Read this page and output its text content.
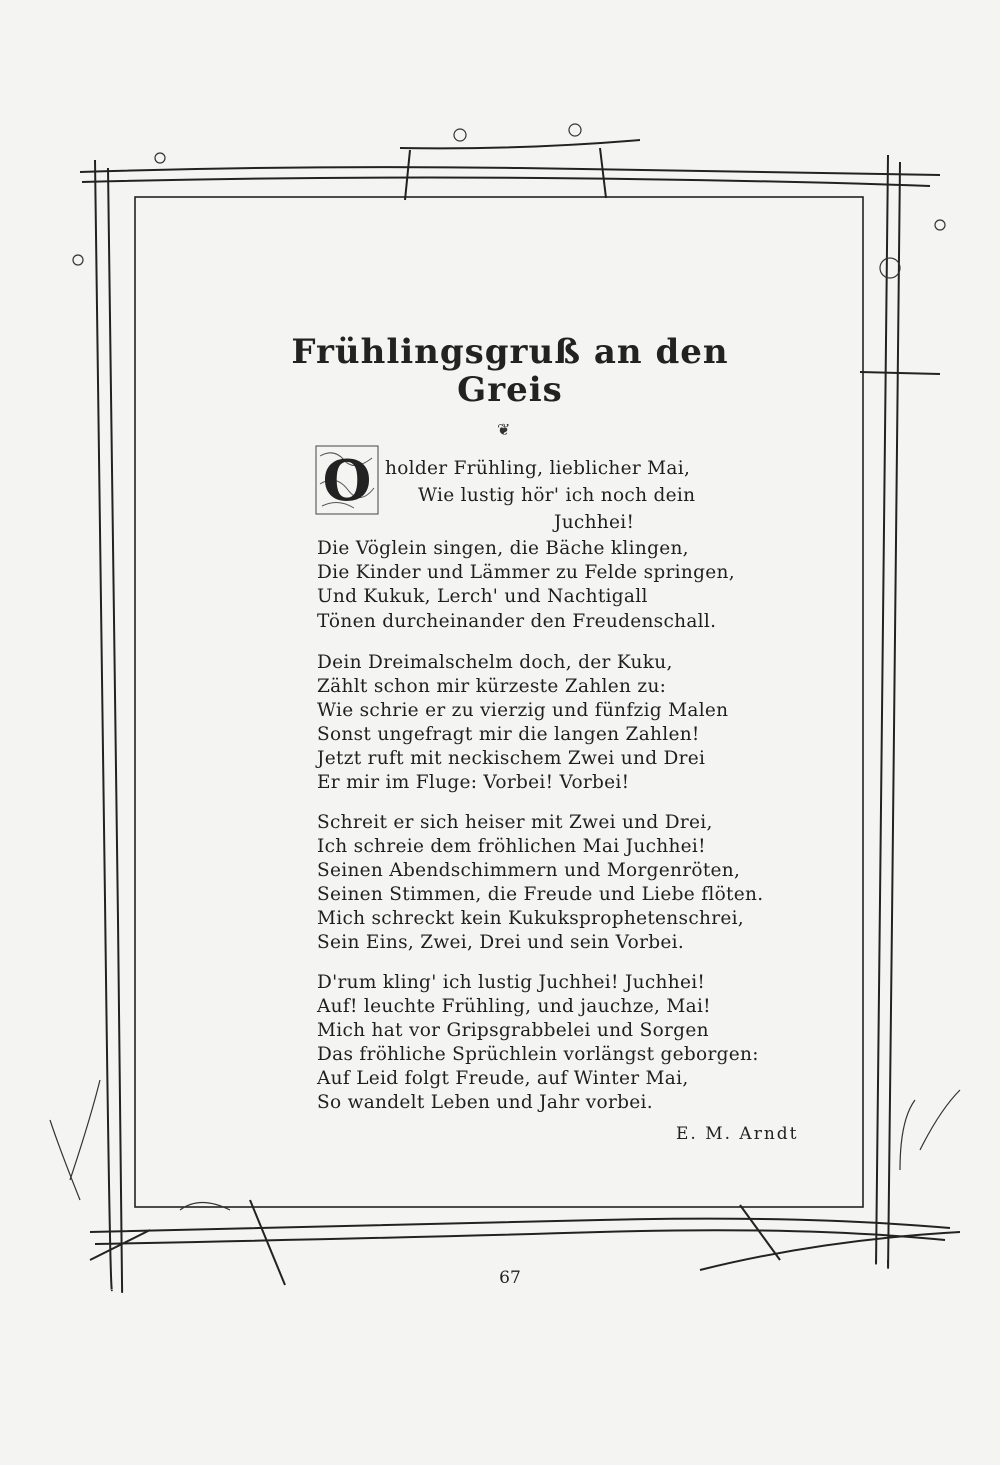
Frühlingsgruß an den
Greis
❦
O holder Frühling, lieblicher Mai,
Wie lustig hör' ich noch dein
Juchhei!
Die Vöglein singen, die Bäche klingen,
Die Kinder und Lämmer zu Felde springen,
Und Kukuk, Lerch' und Nachtigall
Tönen durcheinander den Freudenschall.
Dein Dreimalschelm doch, der Kuku,
Zählt schon mir kürzeste Zahlen zu:
Wie schrie er zu vierzig und fünfzig Malen
Sonst ungefragt mir die langen Zahlen!
Jetzt ruft mit neckischem Zwei und Drei
Er mir im Fluge: Vorbei! Vorbei!
Schreit er sich heiser mit Zwei und Drei,
Ich schreie dem fröhlichen Mai Juchhei!
Seinen Abendschimmern und Morgenröten,
Seinen Stimmen, die Freude und Liebe flöten.
Mich schreckt kein Kukuksprophetenschrei,
Sein Eins, Zwei, Drei und sein Vorbei.
D'rum kling' ich lustig Juchhei! Juchhei!
Auf! leuchte Frühling, und jauchze, Mai!
Mich hat vor Gripsgrabbelei und Sorgen
Das fröhliche Sprüchlein vorlängst geborgen:
Auf Leid folgt Freude, auf Winter Mai,
So wandelt Leben und Jahr vorbei.
E. M. Arndt
67
